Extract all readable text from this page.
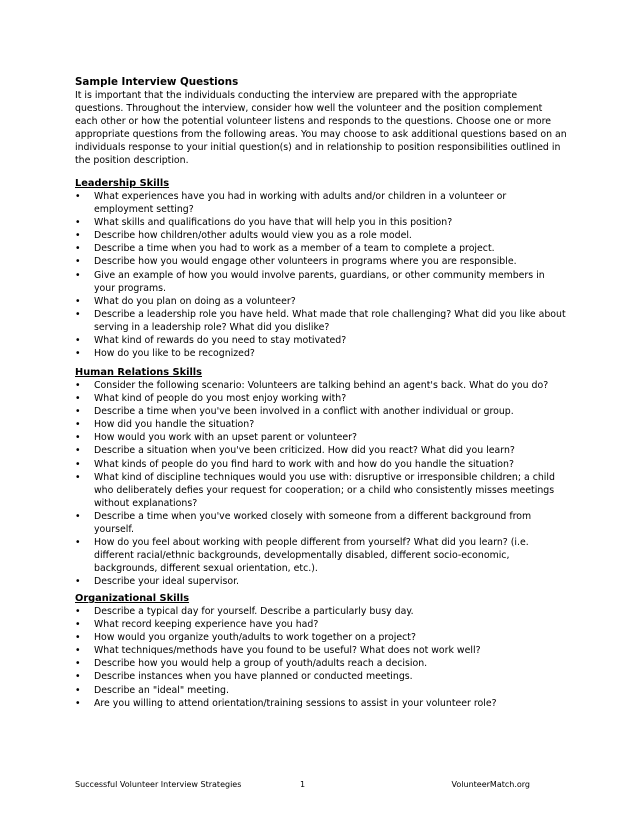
Sample Interview Questions

It is important that the individuals conducting the interview are prepared with the appropriate questions. Throughout the interview, consider how well the volunteer and the position complement each other or how the potential volunteer listens and responds to the questions. Choose one or more appropriate questions from the following areas. You may choose to ask additional questions based on an individuals response to your initial question(s) and in relationship to position responsibilities outlined in the position description.

Leadership Skills

•	What experiences have you had in working with adults and/or children in a volunteer or employment setting?
•	What skills and qualifications do you have that will help you in this position?
•	Describe how children/other adults would view you as a role model.
•	Describe a time when you had to work as a member of a team to complete a project.
•	Describe how you would engage other volunteers in programs where you are responsible.
•	Give an example of how you would involve parents, guardians, or other community members in your programs.
•	What do you plan on doing as a volunteer?
•	Describe a leadership role you have held. What made that role challenging? What did you like about serving in a leadership role? What did you dislike?
•	What kind of rewards do you need to stay motivated?
•	How do you like to be recognized?

Human Relations Skills

•	Consider the following scenario: Volunteers are talking behind an agent's back. What do you do?
•	What kind of people do you most enjoy working with?
•	Describe a time when you've been involved in a conflict with another individual or group.
•	How did you handle the situation?
•	How would you work with an upset parent or volunteer?
•	Describe a situation when you've been criticized. How did you react? What did you learn?
•	What kinds of people do you find hard to work with and how do you handle the situation?
•	What kind of discipline techniques would you use with: disruptive or irresponsible children; a child who deliberately defies your request for cooperation; or a child who consistently misses meetings without explanations?
•	Describe a time when you've worked closely with someone from a different background from yourself.
•	How do you feel about working with people different from yourself? What did you learn? (i.e. different racial/ethnic backgrounds, developmentally disabled, different socio-economic, backgrounds, different sexual orientation, etc.).
•	Describe your ideal supervisor.

Organizational Skills

•	Describe a typical day for yourself. Describe a particularly busy day.
•	What record keeping experience have you had?
•	How would you organize youth/adults to work together on a project?
•	What techniques/methods have you found to be useful? What does not work well?
•	Describe how you would help a group of youth/adults reach a decision.
•	Describe instances when you have planned or conducted meetings.
•	Describe an "ideal" meeting.
•	Are you willing to attend orientation/training sessions to assist in your volunteer role?
Successful Volunteer Interview Strategies	1	VolunteerMatch.org
